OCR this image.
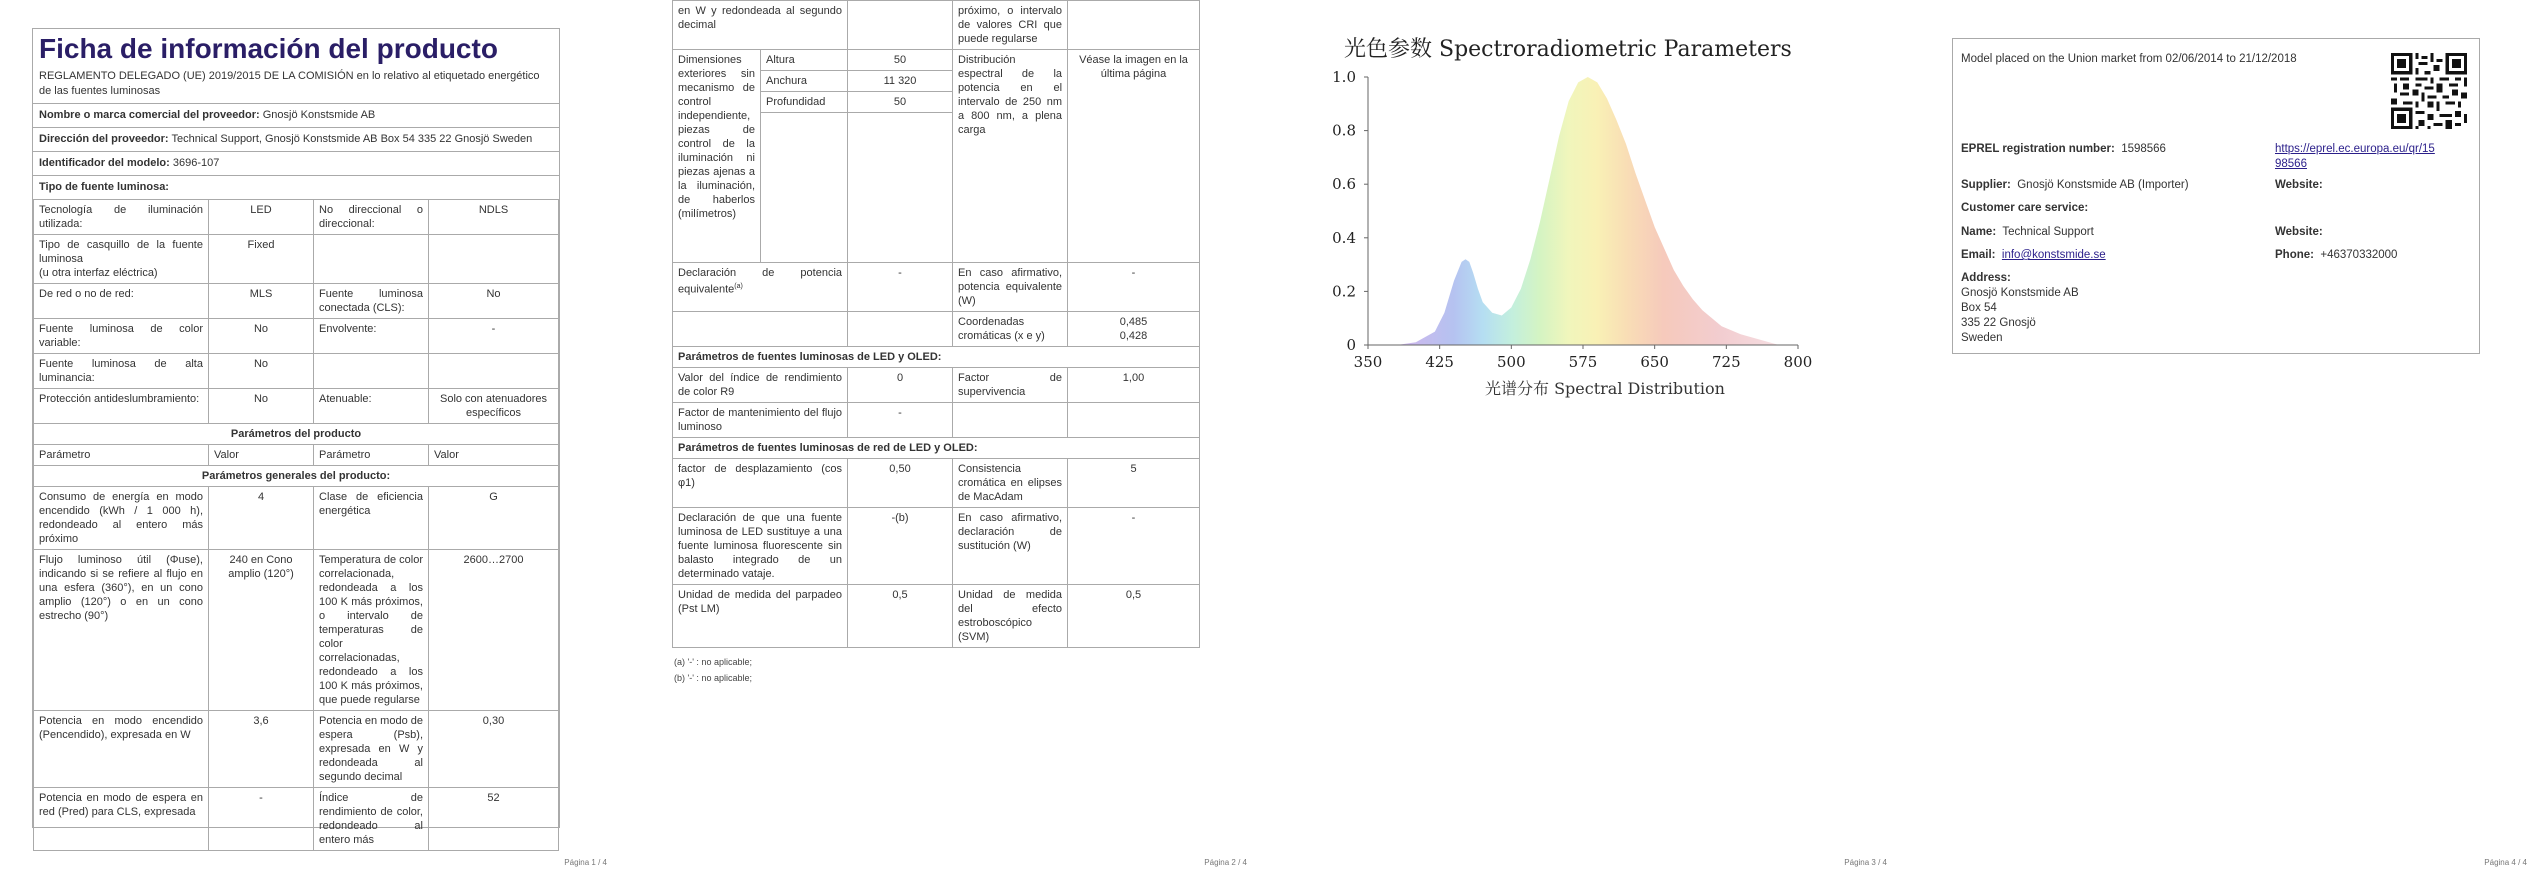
Ficha de información del producto
REGLAMENTO DELEGADO (UE) 2019/2015 DE LA COMISIÓN en lo relativo al etiquetado energético de las fuentes luminosas
Nombre o marca comercial del proveedor: Gnosjö Konstsmide AB
Dirección del proveedor: Technical Support, Gnosjö Konstsmide AB Box 54 335 22 Gnosjö Sweden
Identificador del modelo: 3696-107
Tipo de fuente luminosa:
Tecnología de iluminación utilizada:	LED	No direccional o direccional:	NDLS
Tipo de casquillo de la fuente luminosa
(u otra interfaz eléctrica)	Fixed		
De red o no de red:	MLS	Fuente luminosa conectada (CLS):	No
Fuente luminosa de color variable:	No	Envolvente:	-
Fuente luminosa de alta luminancia:	No		
Protección antideslumbramiento:	No	Atenuable:	Solo con atenuadores específicos
Parámetros del producto			
Parámetro	Valor	Parámetro	Valor
Parámetros generales del producto:			
Consumo de energía en modo encendido (kWh / 1 000 h), redondeado al entero más próximo	4	Clase de eficiencia energética	G
Flujo luminoso útil (Φuse), indicando si se refiere al flujo en una esfera (360°), en un cono amplio (120°) o en un cono estrecho (90°)	240 en Cono amplio (120°)	Temperatura de color correlacionada, redondeada a los 100 K más próximos, o intervalo de temperaturas de color correlacionadas, redondeado a los 100 K más próximos, que puede regularse	2600…2700
Potencia en modo encendido (Pencendido), expresada en W	3,6	Potencia en modo de espera (Psb), expresada en W y redondeada al segundo decimal	0,30
Potencia en modo de espera en red (Pred) para CLS, expresada	-	Índice de rendimiento de color, redondeado al entero más	52
Página 1 / 4
en W y redondeada al segundo decimal			próximo, o intervalo de valores CRI que puede regularse	
Dimensiones exteriores sin mecanismo de control independiente, piezas de control de la iluminación ni piezas ajenas a la iluminación, de haberlos (milímetros)	Altura	50	Distribución espectral de la potencia en el intervalo de 250 nm a 800 nm, a plena carga	Véase la imagen en la última página
	Anchura	11 320		
	Profundidad	50		

Declaración de potencia equivalente$^{(a)}$		-	En caso afirmativo, potencia equivalente (W)	-
			Coordenadas cromáticas (x e y)	0,485
0,428

Parámetros de fuentes luminosas de LED y OLED:				
Valor del índice de rendimiento de color R9		0	Factor de supervivencia	1,00
Factor de mantenimiento del flujo luminoso		-		
Parámetros de fuentes luminosas de red de LED y OLED:				
factor de desplazamiento (cos φ1)		0,50	Consistencia cromática en elipses de MacAdam	5
Declaración de que una fuente luminosa de LED sustituye a una fuente luminosa fluorescente sin balasto integrado de un determinado vataje.		-(b)	En caso afirmativo, declaración de sustitución (W)	-
Unidad de medida del parpadeo (Pst LM)		0,5	Unidad de medida del efecto estroboscópico (SVM)	0,5
(a) '-' : no aplicable;
(b) '-' : no aplicable;
Página 2 / 4
光色参数 Spectroradiometric Parameters
0
0.2
0.4
0.6
0.8
1.0
350	425	500	575	650	725	800
光谱分布 Spectral Distribution
Página 3 / 4
Model placed on the Union market from 02/06/2014 to 21/12/2018
EPREL registration number: 1598566	https://eprel.ec.europa.eu/qr/15
98566
Supplier: Gnosjö Konstsmide AB (Importer)	Website:
Customer care service:
Name: Technical Support	Website:
Email: info@konstsmide.se	Phone: +46370332000
Address:
Gnosjö Konstsmide AB
Box 54
335 22 Gnosjö
Sweden
Página 4 / 4
